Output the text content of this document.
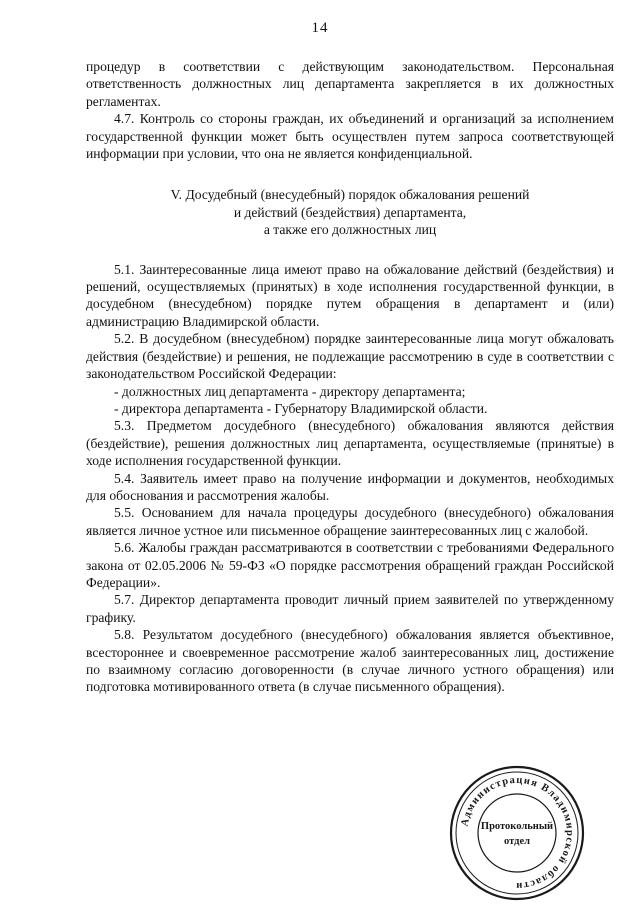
14

процедур в соответствии с действующим законодательством. Персональная ответственность должностных лиц департамента закрепляется в их должностных регламентах.

4.7. Контроль со стороны граждан, их объединений и организаций за исполнением государственной функции может быть осуществлен путем запроса соответствующей информации при условии, что она не является конфиденциальной.

V. Досудебный (внесудебный) порядок обжалования решений
и действий (бездействия) департамента,
а также его должностных лиц

5.1. Заинтересованные лица имеют право на обжалование действий (бездействия) и решений, осуществляемых (принятых) в ходе исполнения государственной функции, в досудебном (внесудебном) порядке путем обращения в департамент и (или) администрацию Владимирской области.

5.2. В досудебном (внесудебном) порядке заинтересованные лица могут обжаловать действия (бездействие) и решения, не подлежащие рассмотрению в суде в соответствии с законодательством Российской Федерации:

- должностных лиц департамента - директору департамента;

- директора департамента - Губернатору Владимирской области.

5.3. Предметом досудебного (внесудебного) обжалования являются действия (бездействие), решения должностных лиц департамента, осуществляемые (принятые) в ходе исполнения государственной функции.

5.4. Заявитель имеет право на получение информации и документов, необходимых для обоснования и рассмотрения жалобы.

5.5. Основанием для начала процедуры досудебного (внесудебного) обжалования является личное устное или письменное обращение заинтересованных лиц с жалобой.

5.6. Жалобы граждан рассматриваются в соответствии с требованиями Федерального закона от 02.05.2006 № 59-ФЗ «О порядке рассмотрения обращений граждан Российской Федерации».

5.7. Директор департамента проводит личный прием заявителей по утвержденному графику.

5.8. Результатом досудебного (внесудебного) обжалования является объективное, всестороннее и своевременное рассмотрение жалоб заинтересованных лиц, достижение по взаимному согласию договоренности (в случае личного устного обращения) или подготовка мотивированного ответа (в случае письменного обращения).

Администрация Владимирской области
Протокольный
отдел
